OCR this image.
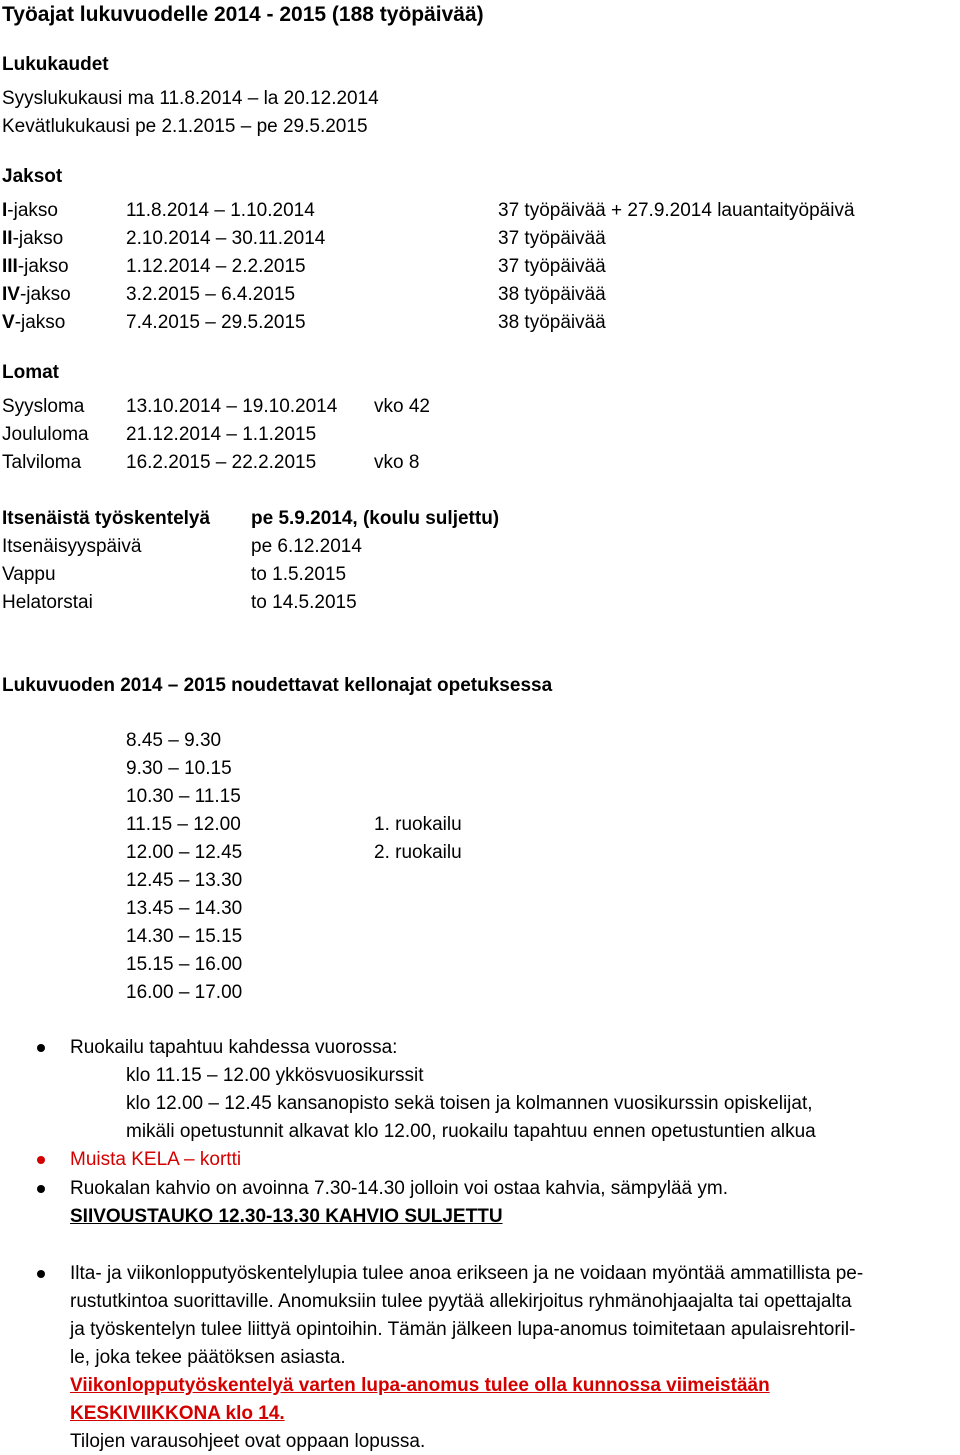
Työajat lukuvuodelle 2014 - 2015 (188 työpäivää)
Lukukaudet
Syyslukukausi ma 11.8.2014 – la 20.12.2014
Kevätlukukausi pe 2.1.2015 – pe 29.5.2015
Jaksot
I-jakso	11.8.2014 – 1.10.2014	37 työpäivää + 27.9.2014 lauantaityöpäivä
II-jakso	2.10.2014 – 30.11.2014	37 työpäivää
III-jakso	1.12.2014 – 2.2.2015	37 työpäivää
IV-jakso	3.2.2015 – 6.4.2015	38 työpäivää
V-jakso	7.4.2015 – 29.5.2015	38 työpäivää
Lomat
Syysloma 13.10.2014 – 19.10.2014 vko 42
Joululoma 21.12.2014 – 1.1.2015
Talviloma 16.2.2015 – 22.2.2015	vko 8
Itsenäistä työskentelyä pe 5.9.2014, (koulu suljettu)
Itsenäisyyspäivä	pe 6.12.2014
Vappu	to 1.5.2015
Helatorstai	to 14.5.2015
Lukuvuoden 2014 – 2015 noudettavat kellonajat opetuksessa
8.45 – 9.30
9.30 – 10.15
10.30 – 11.15
11.15 – 12.00	1. ruokailu
12.00 – 12.45	2. ruokailu
12.45 – 13.30
13.45 – 14.30
14.30 – 15.15
15.15 – 16.00
16.00 – 17.00
Ruokailu tapahtuu kahdessa vuorossa:
klo 11.15 – 12.00 ykkösvuosikurssit
klo 12.00 – 12.45 kansanopisto sekä toisen ja kolmannen vuosikurssin opiskelijat,
mikäli opetustunnit alkavat klo 12.00, ruokailu tapahtuu ennen opetustuntien alkua
Muista KELA – kortti
Ruokalan kahvio on avoinna 7.30-14.30 jolloin voi ostaa kahvia, sämpylää ym.
SIIVOUSTAUKO 12.30-13.30 KAHVIO SULJETTU
Ilta- ja viikonlopputyöskentelylupia tulee anoa erikseen ja ne voidaan myöntää ammatillista pe-
rustutkintoa suorittaville. Anomuksiin tulee pyytää allekirjoitus ryhmänohjaajalta tai opettajalta
ja työskentelyn tulee liittyä opintoihin. Tämän jälkeen lupa-anomus toimitetaan apulaisrehtoril-
le, joka tekee päätöksen asiasta.
Viikonlopputyöskentelyä varten lupa-anomus tulee olla kunnossa viimeistään
KESKIVIIKKONA klo 14.
Tilojen varausohjeet ovat oppaan lopussa.
